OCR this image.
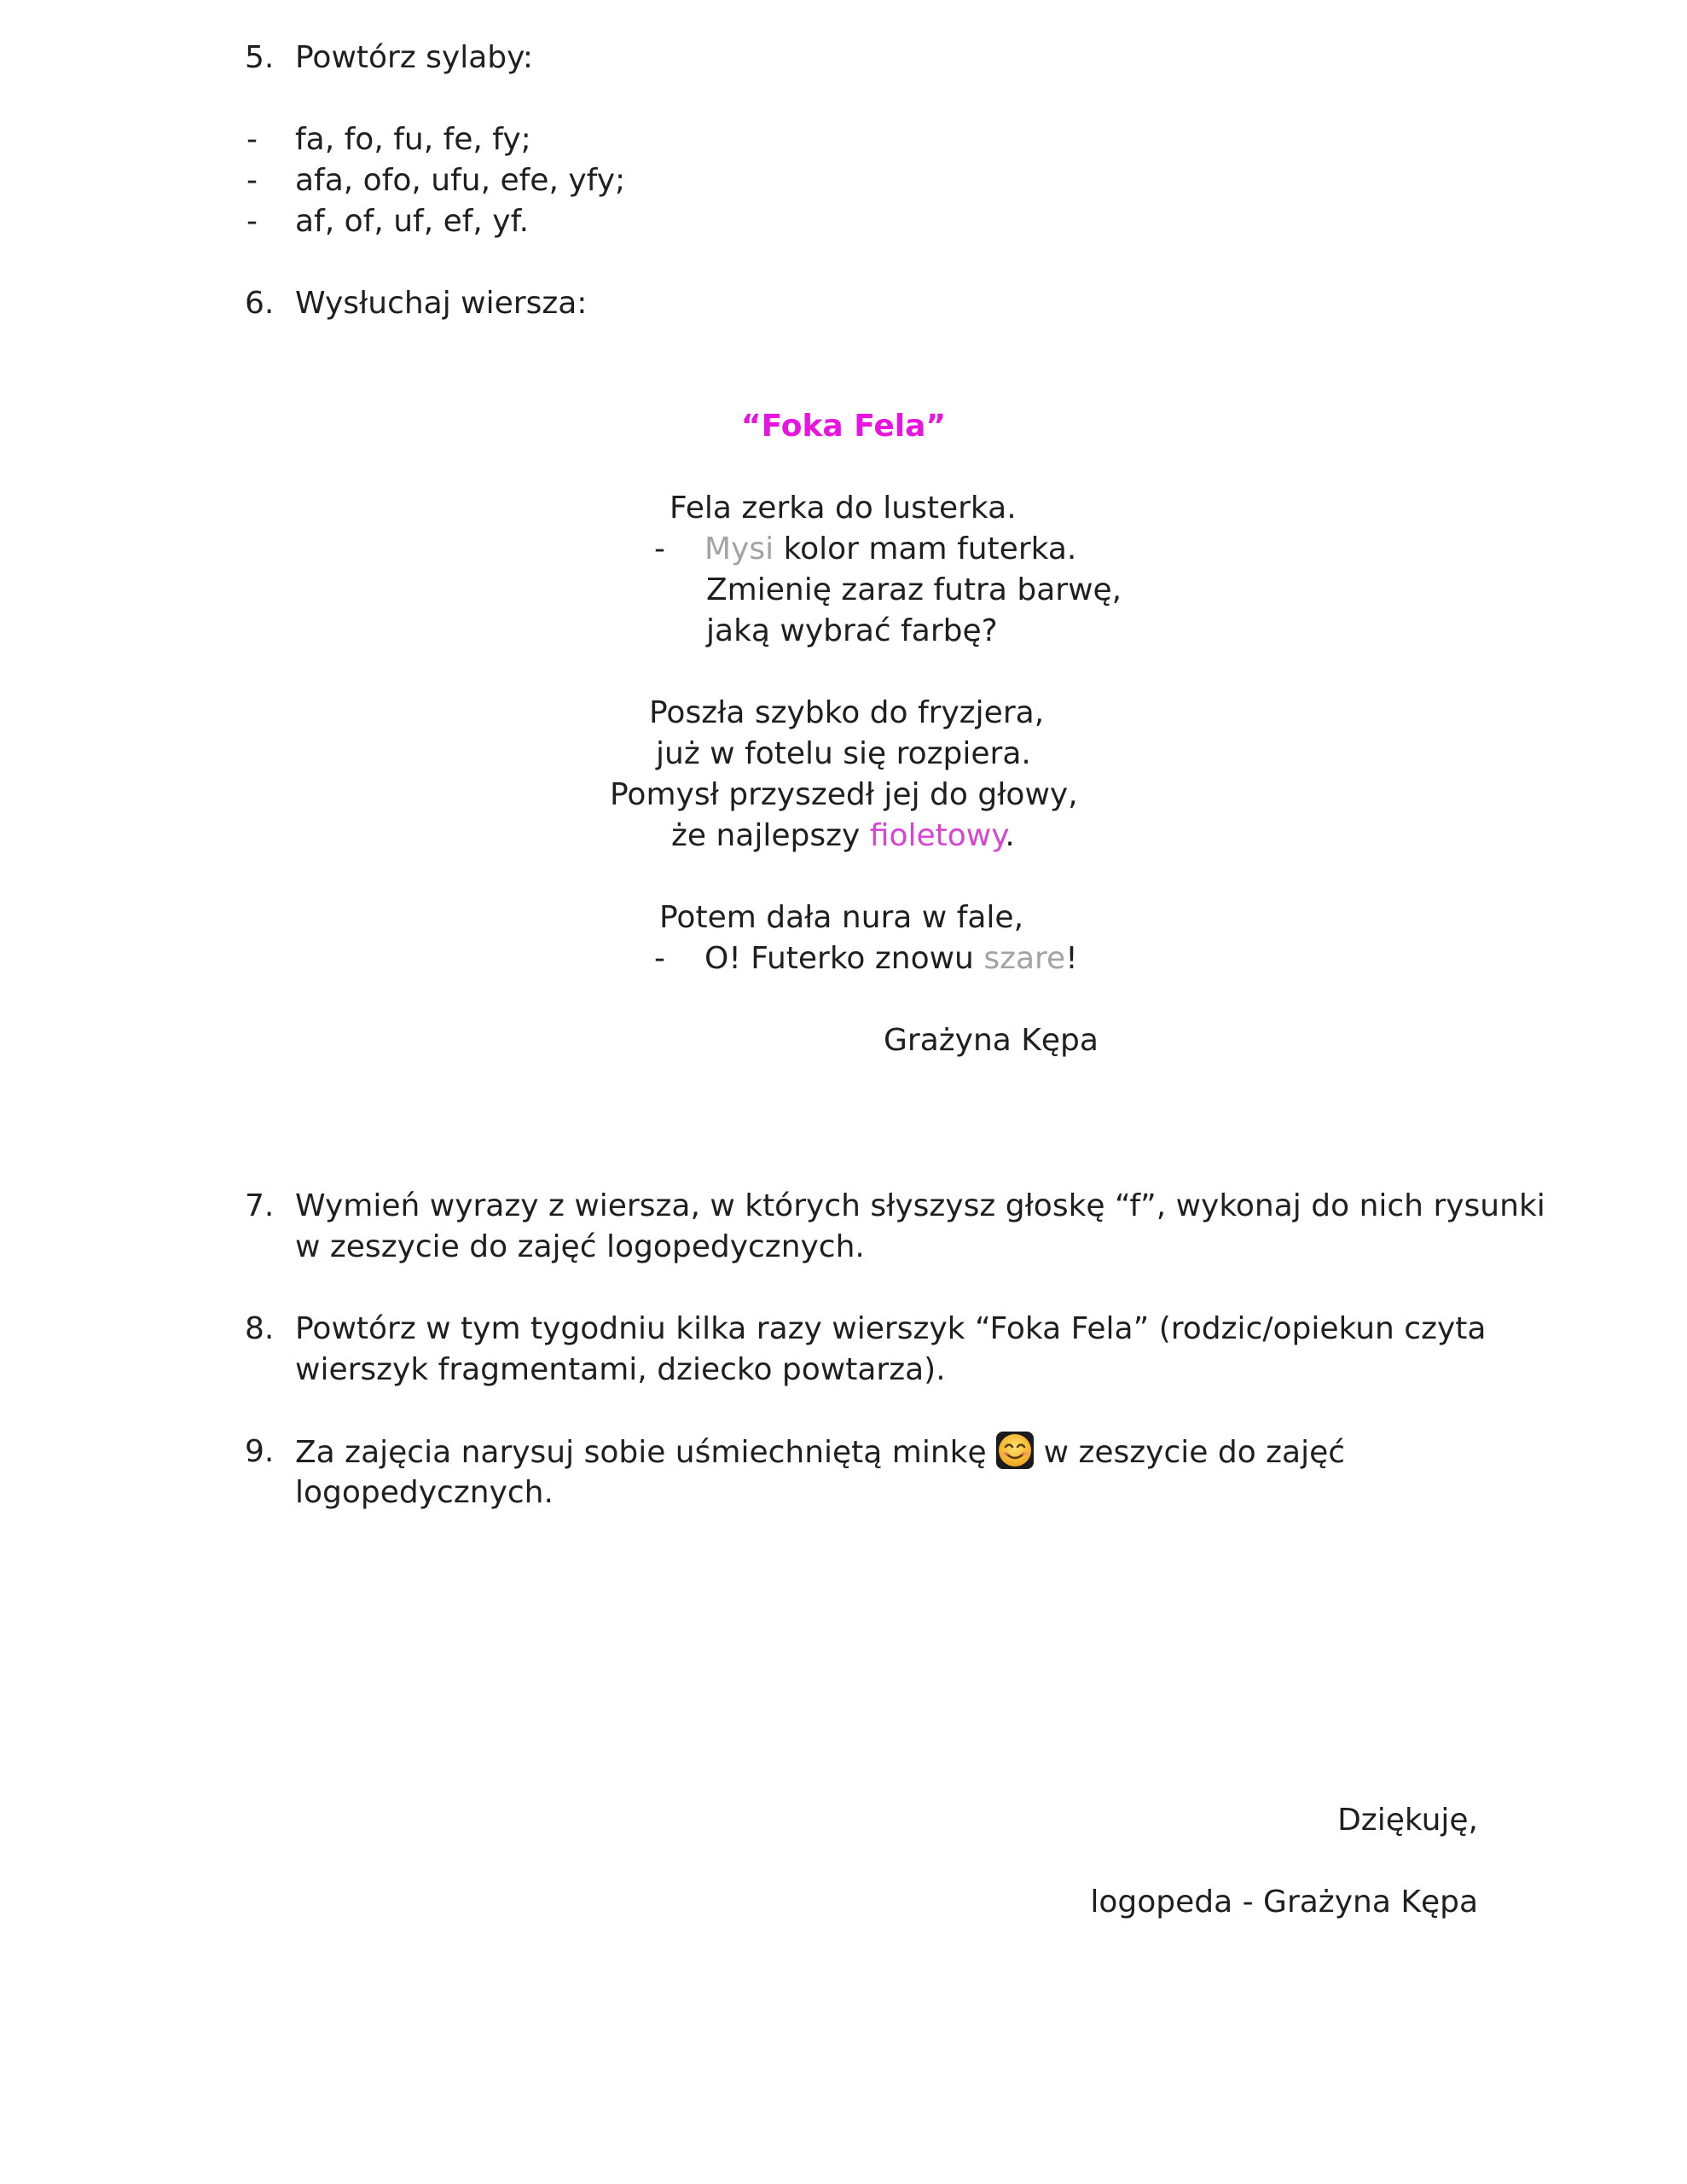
5. Powtórz sylaby:
- fa, fo, fu, fe, fy;
- afa, ofo, ufu, efe, yfy;
- af, of, uf, ef, yf.
6. Wysłuchaj wiersza:
“Foka Fela”
Fela zerka do lusterka.
- Mysi kolor mam futerka.
Zmienię zaraz futra barwę,
jaką wybrać farbę?
Poszła szybko do fryzjera,
już w fotelu się rozpiera.
Pomysł przyszedł jej do głowy,
że najlepszy fioletowy.
Potem dała nura w fale,
- O! Futerko znowu szare!
Grażyna Kępa
7. Wymień wyrazy z wiersza, w których słyszysz głoskę “f”, wykonaj do nich rysunki
w zeszycie do zajęć logopedycznych.
8. Powtórz w tym tygodniu kilka razy wierszyk “Foka Fela” (rodzic/opiekun czyta
wierszyk fragmentami, dziecko powtarza).
9. Za zajęcia narysuj sobie uśmiechniętą minkę  w zeszycie do zajęć
logopedycznych.
Dziękuję,
logopeda - Grażyna Kępa
